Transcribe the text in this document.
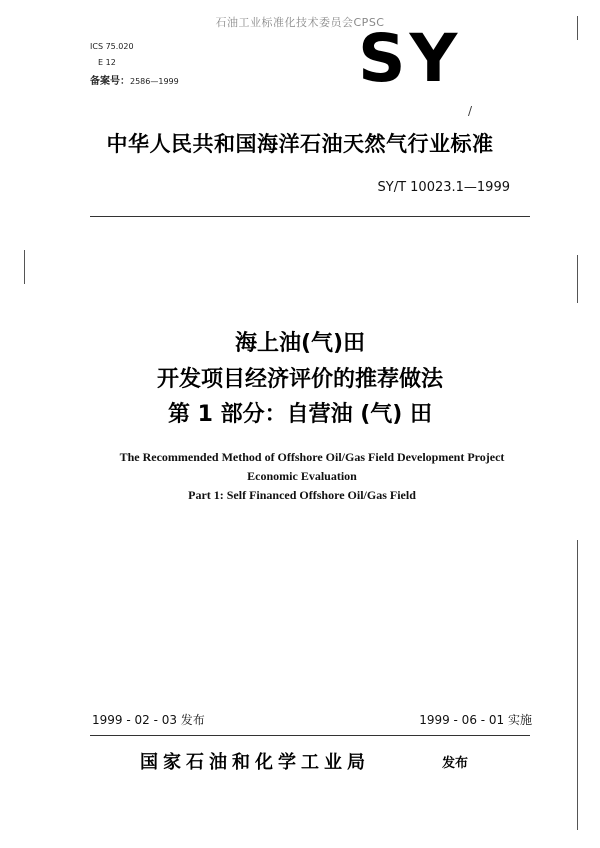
石油工业标准化技术委员会CPSC
ICS 75.020
E 12
备案号：2586—1999	SY
/
中华人民共和国海洋石油天然气行业标准
SY/T 10023.1—1999
海上油(气)田
开发项目经济评价的推荐做法
第 1 部分：自营油 (气) 田
The Recommended Method of Offshore Oil/Gas Field Development Project
Economic Evaluation
Part 1: Self Financed Offshore Oil/Gas Field
1999 - 02 - 03 发布	1999 - 06 - 01 实施
国家石油和化学工业局	发布
